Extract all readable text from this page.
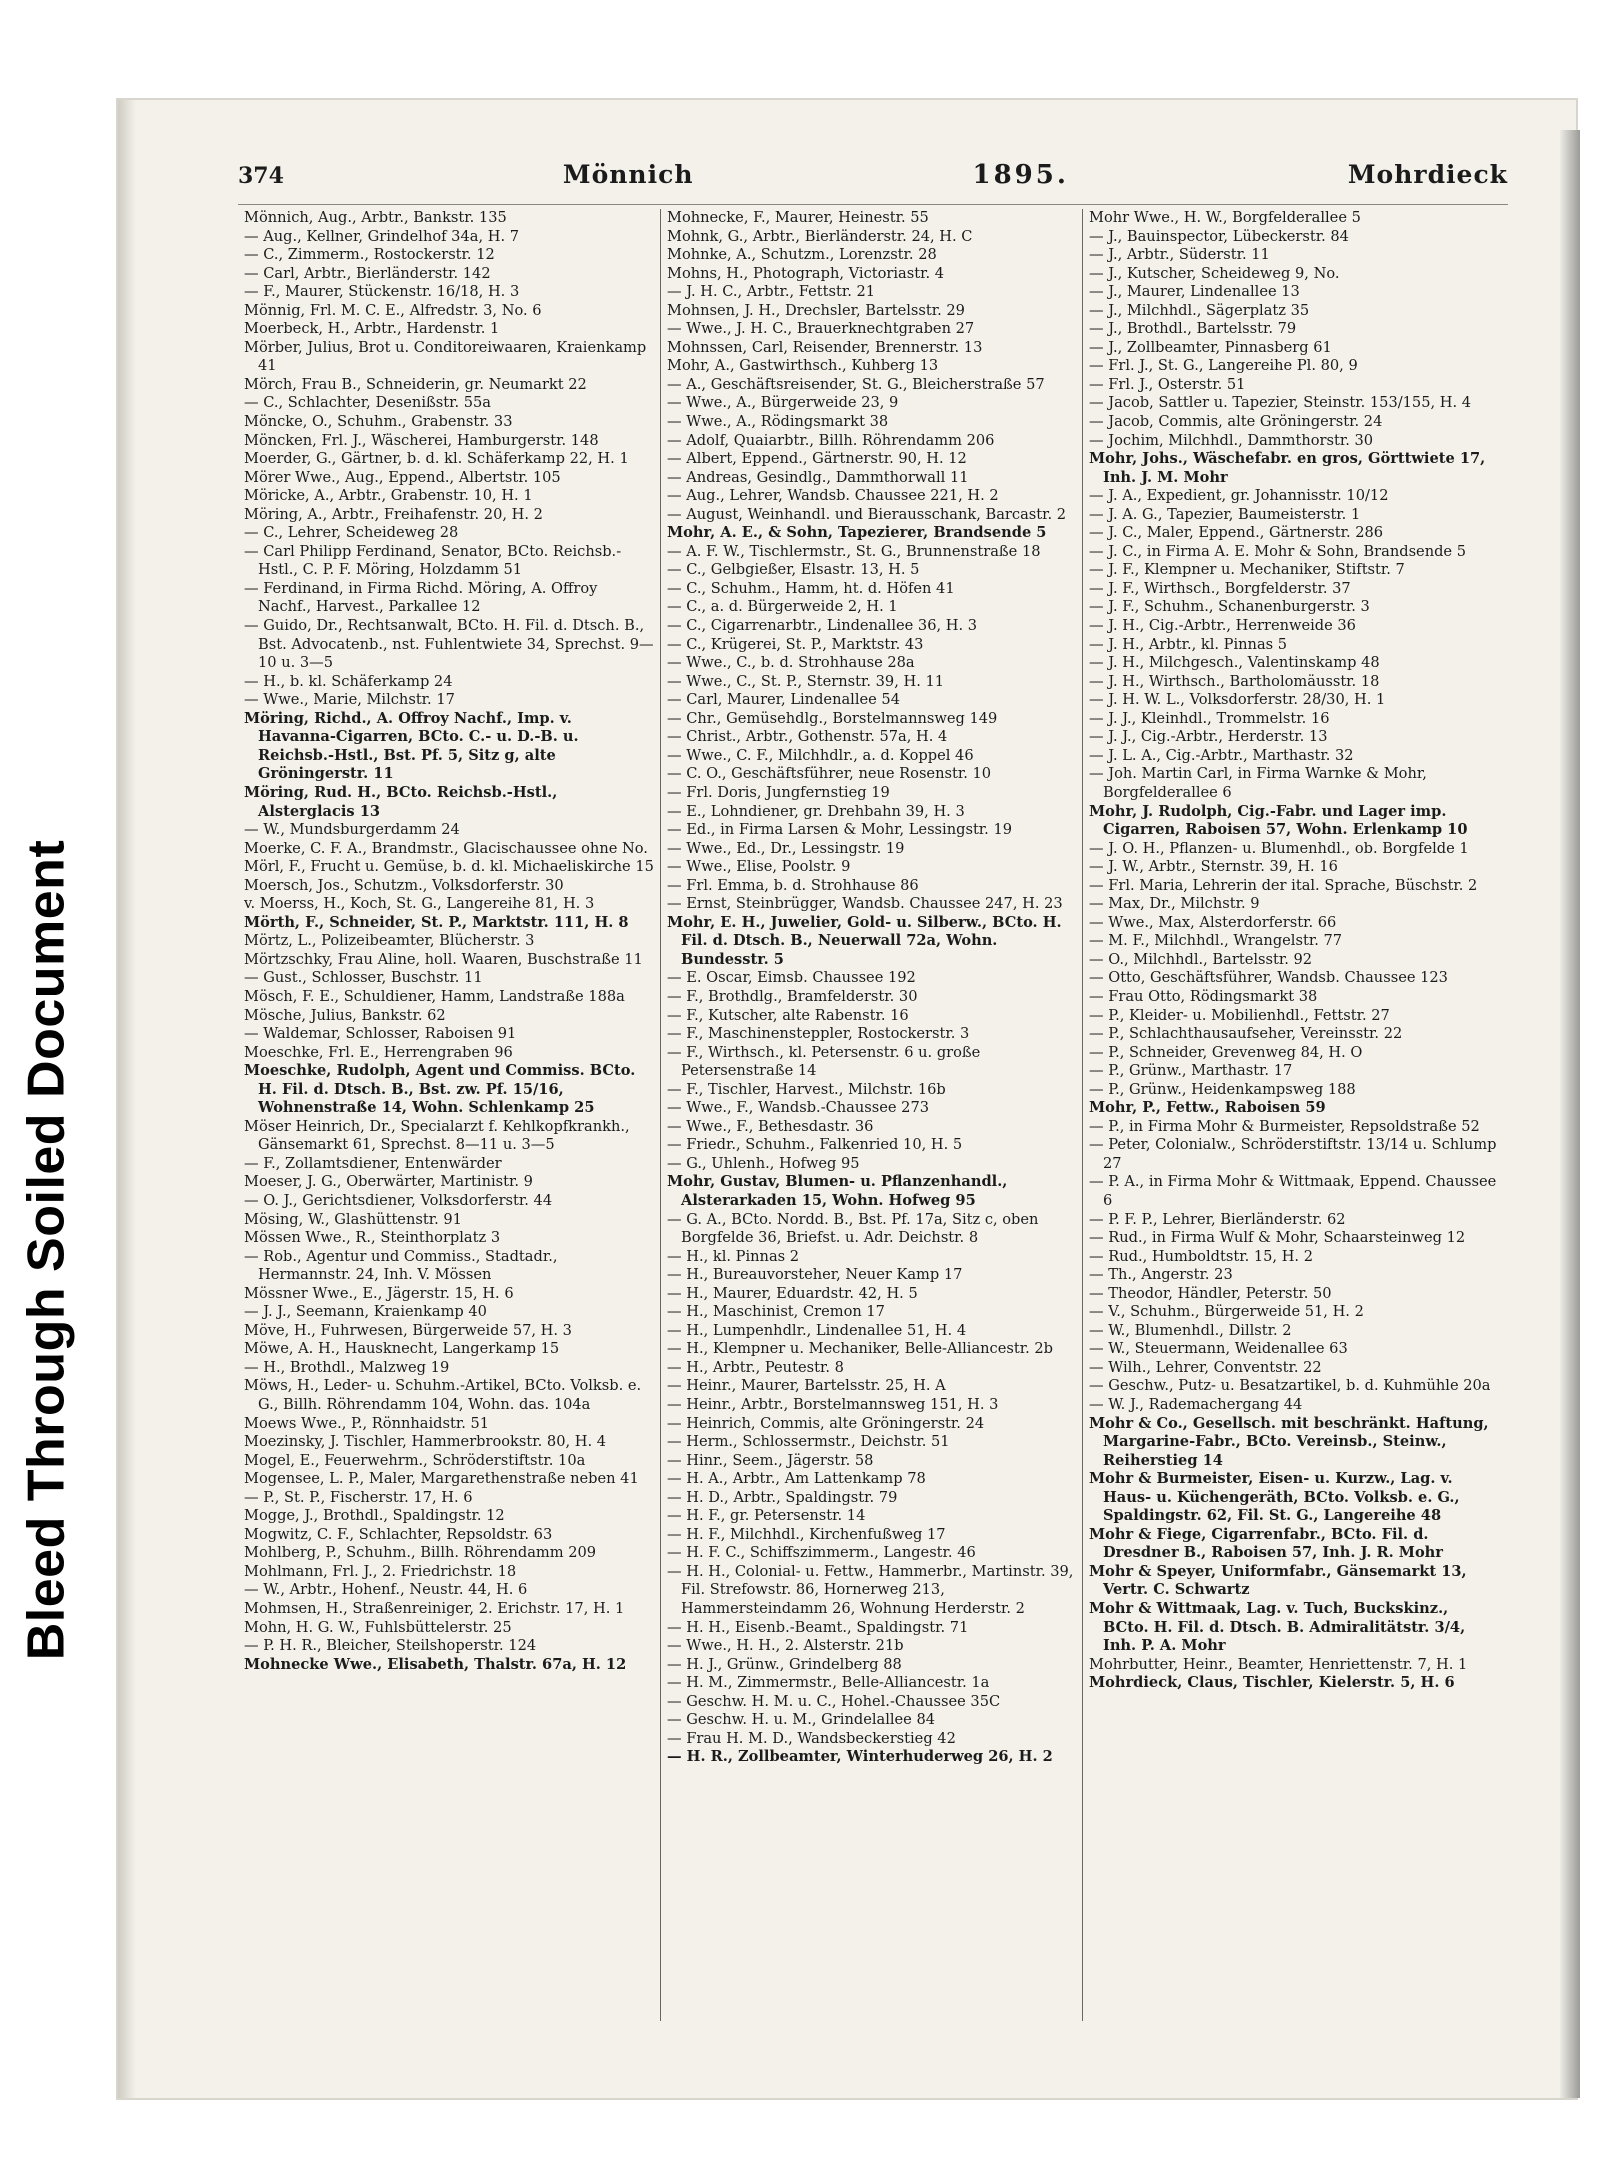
Bleed Through Soiled Document
374	Mönnich	1895.	Mohrdieck
Mönnich, Aug., Arbtr., Bankstr. 135
— Aug., Kellner, Grindelhof 34a, H. 7
— C., Zimmerm., Rostockerstr. 12
— Carl, Arbtr., Bierländerstr. 142
— F., Maurer, Stückenstr. 16/18, H. 3
Mönnig, Frl. M. C. E., Alfredstr. 3, No. 6
Moerbeck, H., Arbtr., Hardenstr. 1
Mörber, Julius, Brot u. Conditoreiwaaren, Kraienkamp 41
Mörch, Frau B., Schneiderin, gr. Neumarkt 22
— C., Schlachter, Desenißstr. 55a
Möncke, O., Schuhm., Grabenstr. 33
Möncken, Frl. J., Wäscherei, Hamburgerstr. 148
Moerder, G., Gärtner, b. d. kl. Schäferkamp 22, H. 1
Mörer Wwe., Aug., Eppend., Albertstr. 105
Möricke, A., Arbtr., Grabenstr. 10, H. 1
Möring, A., Arbtr., Freihafenstr. 20, H. 2
— C., Lehrer, Scheideweg 28
— Carl Philipp Ferdinand, Senator, BCto. Reichsb.-Hstl., C. P. F. Möring, Holzdamm 51
— Ferdinand, in Firma Richd. Möring, A. Offroy Nachf., Harvest., Parkallee 12
— Guido, Dr., Rechtsanwalt, BCto. H. Fil. d. Dtsch. B., Bst. Advocatenb., nst. Fuhlentwiete 34, Sprechst. 9—10 u. 3—5
— H., b. kl. Schäferkamp 24
— Wwe., Marie, Milchstr. 17
Möring, Richd., A. Offroy Nachf., Imp. v. Havanna-Cigarren, BCto. C.- u. D.-B. u. Reichsb.-Hstl., Bst. Pf. 5, Sitz g, alte Gröningerstr. 11
Möring, Rud. H., BCto. Reichsb.-Hstl., Alsterglacis 13
— W., Mundsburgerdamm 24
Moerke, C. F. A., Brandmstr., Glacischaussee ohne No.
Mörl, F., Frucht u. Gemüse, b. d. kl. Michaeliskirche 15
Moersch, Jos., Schutzm., Volksdorferstr. 30
v. Moerss, H., Koch, St. G., Langereihe 81, H. 3
Mörth, F., Schneider, St. P., Marktstr. 111, H. 8
Mörtz, L., Polizeibeamter, Blücherstr. 3
Mörtzschky, Frau Aline, holl. Waaren, Buschstraße 11
— Gust., Schlosser, Buschstr. 11
Mösch, F. E., Schuldiener, Hamm, Landstraße 188a
Mösche, Julius, Bankstr. 62
— Waldemar, Schlosser, Raboisen 91
Moeschke, Frl. E., Herrengraben 96
Moeschke, Rudolph, Agent und Commiss. BCto. H. Fil. d. Dtsch. B., Bst. zw. Pf. 15/16, Wohnenstraße 14, Wohn. Schlenkamp 25
Möser Heinrich, Dr., Specialarzt f. Kehlkopfkrankh., Gänsemarkt 61, Sprechst. 8—11 u. 3—5
— F., Zollamtsdiener, Entenwärder
Moeser, J. G., Oberwärter, Martinistr. 9
— O. J., Gerichtsdiener, Volksdorferstr. 44
Mösing, W., Glashüttenstr. 91
Mössen Wwe., R., Steinthorplatz 3
— Rob., Agentur und Commiss., Stadtadr., Hermannstr. 24, Inh. V. Mössen
Mössner Wwe., E., Jägerstr. 15, H. 6
— J. J., Seemann, Kraienkamp 40
Möve, H., Fuhrwesen, Bürgerweide 57, H. 3
Möwe, A. H., Hausknecht, Langerkamp 15
— H., Brothdl., Malzweg 19
Möws, H., Leder- u. Schuhm.-Artikel, BCto. Volksb. e. G., Billh. Röhrendamm 104, Wohn. das. 104a
Moews Wwe., P., Rönnhaidstr. 51
Moezinsky, J. Tischler, Hammerbrookstr. 80, H. 4
Mogel, E., Feuerwehrm., Schröderstiftstr. 10a
Mogensee, L. P., Maler, Margarethenstraße neben 41
— P., St. P., Fischerstr. 17, H. 6
Mogge, J., Brothdl., Spaldingstr. 12
Mogwitz, C. F., Schlachter, Repsoldstr. 63
Mohlberg, P., Schuhm., Billh. Röhrendamm 209
Mohlmann, Frl. J., 2. Friedrichstr. 18
— W., Arbtr., Hohenf., Neustr. 44, H. 6
Mohmsen, H., Straßenreiniger, 2. Erichstr. 17, H. 1
Mohn, H. G. W., Fuhlsbüttelerstr. 25
— P. H. R., Bleicher, Steilshoperstr. 124
Mohnecke Wwe., Elisabeth, Thalstr. 67a, H. 12
Mohnecke, F., Maurer, Heinestr. 55
Mohnk, G., Arbtr., Bierländerstr. 24, H. C
Mohnke, A., Schutzm., Lorenzstr. 28
Mohns, H., Photograph, Victoriastr. 4
— J. H. C., Arbtr., Fettstr. 21
Mohnsen, J. H., Drechsler, Bartelsstr. 29
— Wwe., J. H. C., Brauerknechtgraben 27
Mohnssen, Carl, Reisender, Brennerstr. 13
Mohr, A., Gastwirthsch., Kuhberg 13
— A., Geschäftsreisender, St. G., Bleicherstraße 57
— Wwe., A., Bürgerweide 23, 9
— Wwe., A., Rödingsmarkt 38
— Adolf, Quaiarbtr., Billh. Röhrendamm 206
— Albert, Eppend., Gärtnerstr. 90, H. 12
— Andreas, Gesindlg., Dammthorwall 11
— Aug., Lehrer, Wandsb. Chaussee 221, H. 2
— August, Weinhandl. und Bierausschank, Barcastr. 2
Mohr, A. E., & Sohn, Tapezierer, Brandsende 5
— A. F. W., Tischlermstr., St. G., Brunnenstraße 18
— C., Gelbgießer, Elsastr. 13, H. 5
— C., Schuhm., Hamm, ht. d. Höfen 41
— C., a. d. Bürgerweide 2, H. 1
— C., Cigarrenarbtr., Lindenallee 36, H. 3
— C., Krügerei, St. P., Marktstr. 43
— Wwe., C., b. d. Strohhause 28a
— Wwe., C., St. P., Sternstr. 39, H. 11
— Carl, Maurer, Lindenallee 54
— Chr., Gemüsehdlg., Borstelmannsweg 149
— Christ., Arbtr., Gothenstr. 57a, H. 4
— Wwe., C. F., Milchhdlr., a. d. Koppel 46
— C. O., Geschäftsführer, neue Rosenstr. 10
— Frl. Doris, Jungfernstieg 19
— E., Lohndiener, gr. Drehbahn 39, H. 3
— Ed., in Firma Larsen & Mohr, Lessingstr. 19
— Wwe., Ed., Dr., Lessingstr. 19
— Wwe., Elise, Poolstr. 9
— Frl. Emma, b. d. Strohhause 86
— Ernst, Steinbrügger, Wandsb. Chaussee 247, H. 23
Mohr, E. H., Juwelier, Gold- u. Silberw., BCto. H. Fil. d. Dtsch. B., Neuerwall 72a, Wohn. Bundesstr. 5
— E. Oscar, Eimsb. Chaussee 192
— F., Brothdlg., Bramfelderstr. 30
— F., Kutscher, alte Rabenstr. 16
— F., Maschinensteppler, Rostockerstr. 3
— F., Wirthsch., kl. Petersenstr. 6 u. große Petersenstraße 14
— F., Tischler, Harvest., Milchstr. 16b
— Wwe., F., Wandsb.-Chaussee 273
— Wwe., F., Bethesdastr. 36
— Friedr., Schuhm., Falkenried 10, H. 5
— G., Uhlenh., Hofweg 95
Mohr, Gustav, Blumen- u. Pflanzenhandl., Alsterarkaden 15, Wohn. Hofweg 95
— G. A., BCto. Nordd. B., Bst. Pf. 17a, Sitz c, oben Borgfelde 36, Briefst. u. Adr. Deichstr. 8
— H., kl. Pinnas 2
— H., Bureauvorsteher, Neuer Kamp 17
— H., Maurer, Eduardstr. 42, H. 5
— H., Maschinist, Cremon 17
— H., Lumpenhdlr., Lindenallee 51, H. 4
— H., Klempner u. Mechaniker, Belle-Alliancestr. 2b
— H., Arbtr., Peutestr. 8
— Heinr., Maurer, Bartelsstr. 25, H. A
— Heinr., Arbtr., Borstelmannsweg 151, H. 3
— Heinrich, Commis, alte Gröningerstr. 24
— Herm., Schlossermstr., Deichstr. 51
— Hinr., Seem., Jägerstr. 58
— H. A., Arbtr., Am Lattenkamp 78
— H. D., Arbtr., Spaldingstr. 79
— H. F., gr. Petersenstr. 14
— H. F., Milchhdl., Kirchenfußweg 17
— H. F. C., Schiffszimmerm., Langestr. 46
— H. H., Colonial- u. Fettw., Hammerbr., Martinstr. 39, Fil. Strefowstr. 86, Hornerweg 213, Hammersteindamm 26, Wohnung Herderstr. 2
— H. H., Eisenb.-Beamt., Spaldingstr. 71
— Wwe., H. H., 2. Alsterstr. 21b
— H. J., Grünw., Grindelberg 88
— H. M., Zimmermstr., Belle-Alliancestr. 1a
— Geschw. H. M. u. C., Hohel.-Chaussee 35C
— Geschw. H. u. M., Grindelallee 84
— Frau H. M. D., Wandsbeckerstieg 42
— H. R., Zollbeamter, Winterhuderweg 26, H. 2
Mohr Wwe., H. W., Borgfelderallee 5
— J., Bauinspector, Lübeckerstr. 84
— J., Arbtr., Süderstr. 11
— J., Kutscher, Scheideweg 9, No.
— J., Maurer, Lindenallee 13
— J., Milchhdl., Sägerplatz 35
— J., Brothdl., Bartelsstr. 79
— J., Zollbeamter, Pinnasberg 61
— Frl. J., St. G., Langereihe Pl. 80, 9
— Frl. J., Osterstr. 51
— Jacob, Sattler u. Tapezier, Steinstr. 153/155, H. 4
— Jacob, Commis, alte Gröningerstr. 24
— Jochim, Milchhdl., Dammthorstr. 30
Mohr, Johs., Wäschefabr. en gros, Görttwiete 17, Inh. J. M. Mohr
— J. A., Expedient, gr. Johannisstr. 10/12
— J. A. G., Tapezier, Baumeisterstr. 1
— J. C., Maler, Eppend., Gärtnerstr. 286
— J. C., in Firma A. E. Mohr & Sohn, Brandsende 5
— J. F., Klempner u. Mechaniker, Stiftstr. 7
— J. F., Wirthsch., Borgfelderstr. 37
— J. F., Schuhm., Schanenburgerstr. 3
— J. H., Cig.-Arbtr., Herrenweide 36
— J. H., Arbtr., kl. Pinnas 5
— J. H., Milchgesch., Valentinskamp 48
— J. H., Wirthsch., Bartholomäusstr. 18
— J. H. W. L., Volksdorferstr. 28/30, H. 1
— J. J., Kleinhdl., Trommelstr. 16
— J. J., Cig.-Arbtr., Herderstr. 13
— J. L. A., Cig.-Arbtr., Marthastr. 32
— Joh. Martin Carl, in Firma Warnke & Mohr, Borgfelderallee 6
Mohr, J. Rudolph, Cig.-Fabr. und Lager imp. Cigarren, Raboisen 57, Wohn. Erlenkamp 10
— J. O. H., Pflanzen- u. Blumenhdl., ob. Borgfelde 1
— J. W., Arbtr., Sternstr. 39, H. 16
— Frl. Maria, Lehrerin der ital. Sprache, Büschstr. 2
— Max, Dr., Milchstr. 9
— Wwe., Max, Alsterdorferstr. 66
— M. F., Milchhdl., Wrangelstr. 77
— O., Milchhdl., Bartelsstr. 92
— Otto, Geschäftsführer, Wandsb. Chaussee 123
— Frau Otto, Rödingsmarkt 38
— P., Kleider- u. Mobilienhdl., Fettstr. 27
— P., Schlachthausaufseher, Vereinsstr. 22
— P., Schneider, Grevenweg 84, H. O
— P., Grünw., Marthastr. 17
— P., Grünw., Heidenkampsweg 188
Mohr, P., Fettw., Raboisen 59
— P., in Firma Mohr & Burmeister, Repsoldstraße 52
— Peter, Colonialw., Schröderstiftstr. 13/14 u. Schlump 27
— P. A., in Firma Mohr & Wittmaak, Eppend. Chaussee 6
— P. F. P., Lehrer, Bierländerstr. 62
— Rud., in Firma Wulf & Mohr, Schaarsteinweg 12
— Rud., Humboldtstr. 15, H. 2
— Th., Angerstr. 23
— Theodor, Händler, Peterstr. 50
— V., Schuhm., Bürgerweide 51, H. 2
— W., Blumenhdl., Dillstr. 2
— W., Steuermann, Weidenallee 63
— Wilh., Lehrer, Conventstr. 22
— Geschw., Putz- u. Besatzartikel, b. d. Kuhmühle 20a
— W. J., Rademachergang 44
Mohr & Co., Gesellsch. mit beschränkt. Haftung, Margarine-Fabr., BCto. Vereinsb., Steinw., Reiherstieg 14
Mohr & Burmeister, Eisen- u. Kurzw., Lag. v. Haus- u. Küchengeräth, BCto. Volksb. e. G., Spaldingstr. 62, Fil. St. G., Langereihe 48
Mohr & Fiege, Cigarrenfabr., BCto. Fil. d. Dresdner B., Raboisen 57, Inh. J. R. Mohr
Mohr & Speyer, Uniformfabr., Gänsemarkt 13, Vertr. C. Schwartz
Mohr & Wittmaak, Lag. v. Tuch, Buckskinz., BCto. H. Fil. d. Dtsch. B. Admiralitätstr. 3/4, Inh. P. A. Mohr
Mohrbutter, Heinr., Beamter, Henriettenstr. 7, H. 1
Mohrdieck, Claus, Tischler, Kielerstr. 5, H. 6
